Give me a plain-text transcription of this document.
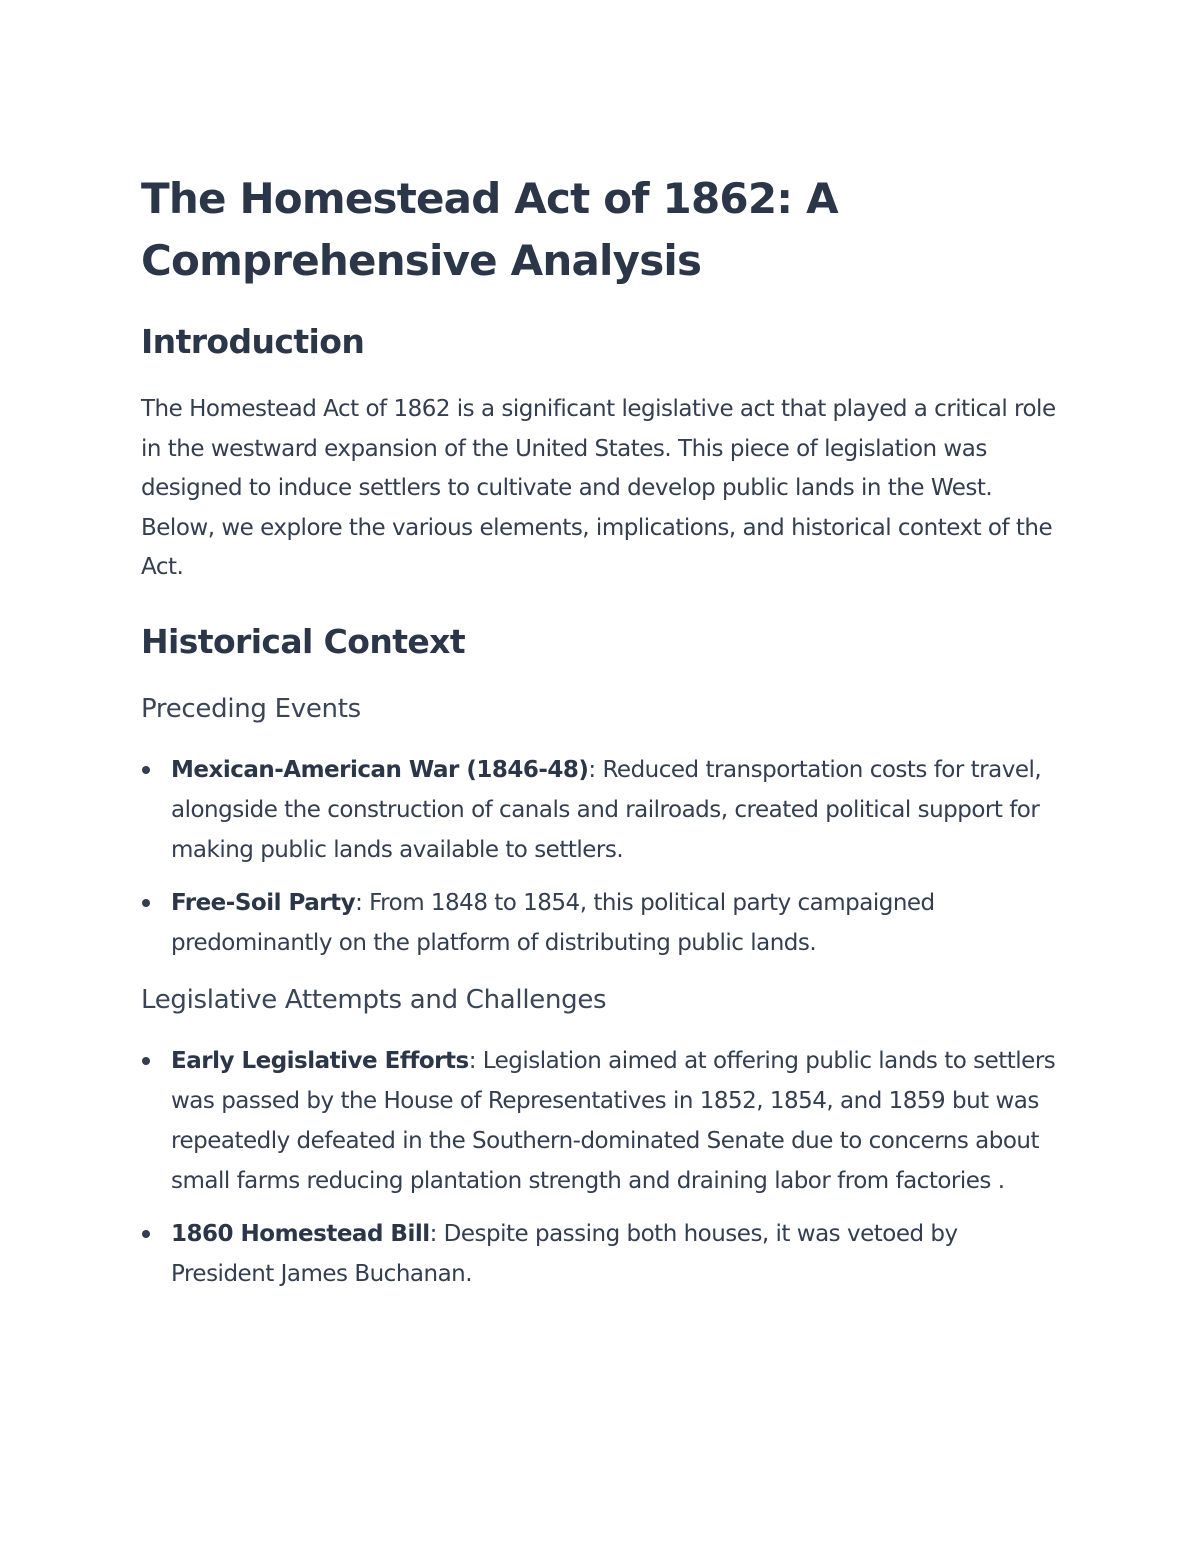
The Homestead Act of 1862: A Comprehensive Analysis
Introduction

The Homestead Act of 1862 is a significant legislative act that played a critical role in the westward expansion of the United States. This piece of legislation was designed to induce settlers to cultivate and develop public lands in the West. Below, we explore the various elements, implications, and historical context of the Act.

Historical Context
Preceding Events
Mexican-American War (1846-48): Reduced transportation costs for travel, alongside the construction of canals and railroads, created political support for making public lands available to settlers.
Free-Soil Party: From 1848 to 1854, this political party campaigned predominantly on the platform of distributing public lands.
Legislative Attempts and Challenges
Early Legislative Efforts: Legislation aimed at offering public lands to settlers was passed by the House of Representatives in 1852, 1854, and 1859 but was repeatedly defeated in the Southern-dominated Senate due to concerns about small farms reducing plantation strength and draining labor from factories .
1860 Homestead Bill: Despite passing both houses, it was vetoed by President James Buchanan.
